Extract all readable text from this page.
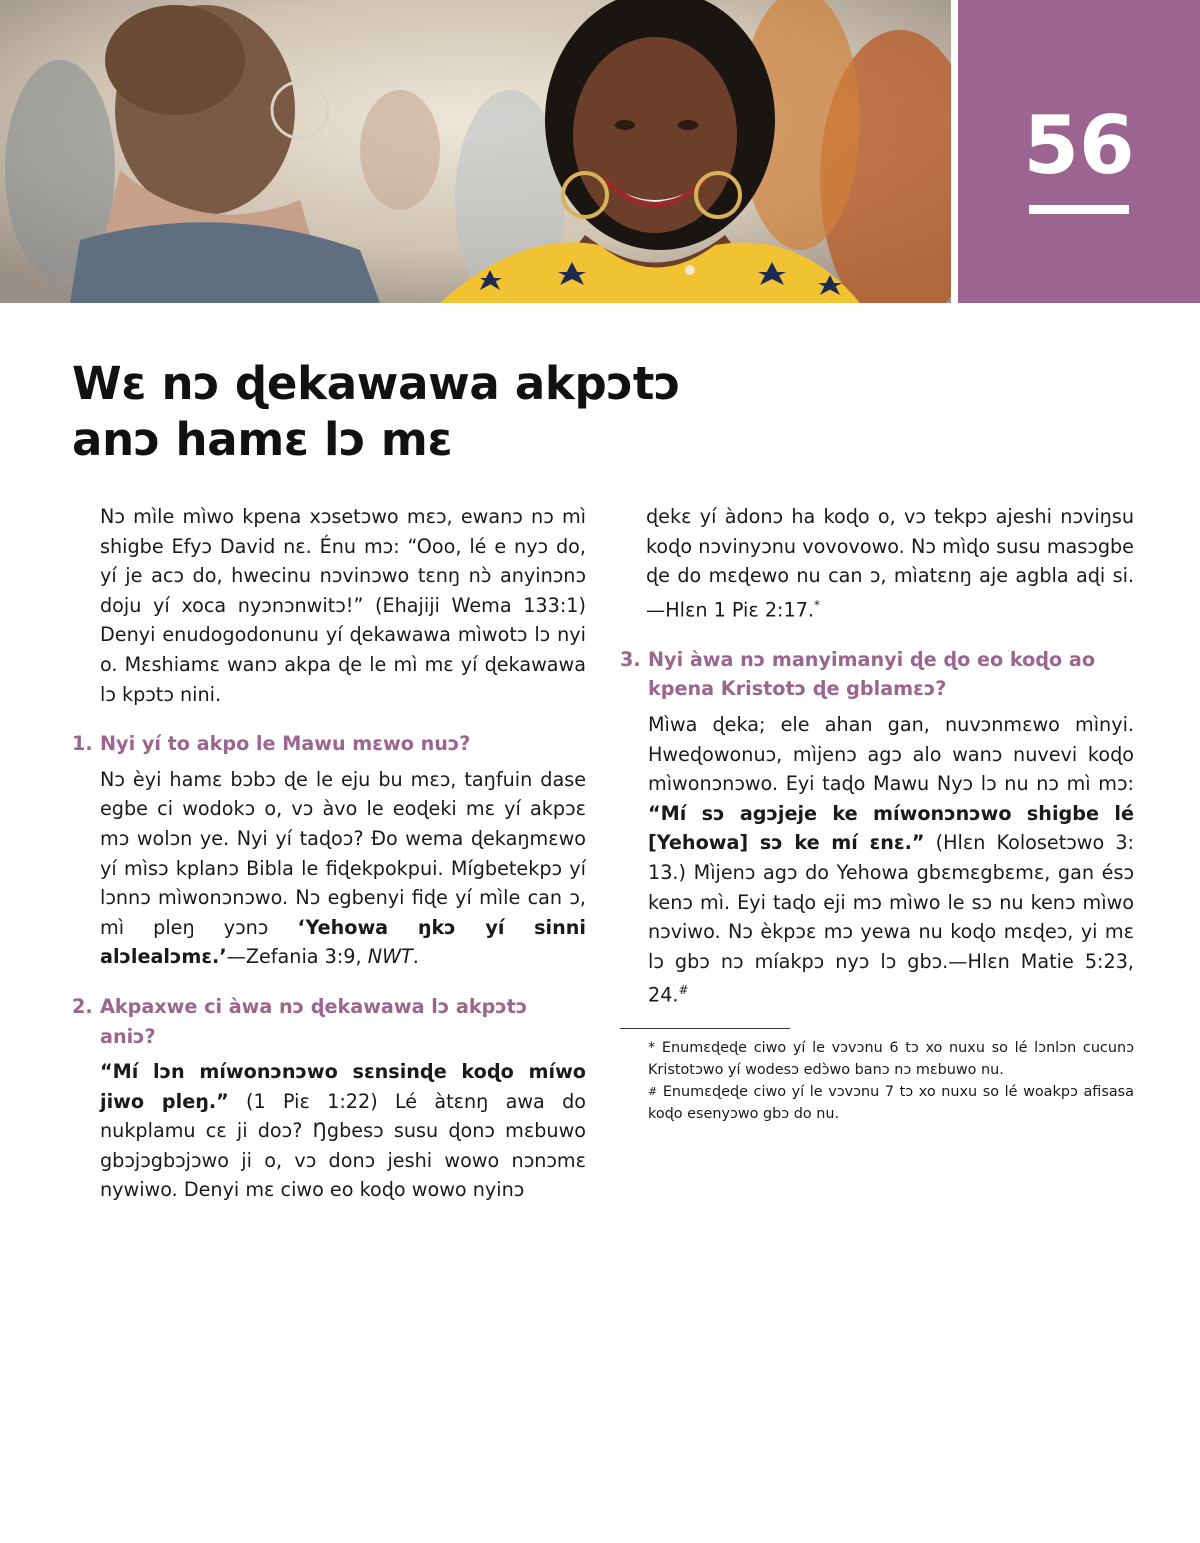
56
Wɛ nɔ ɖekawawa akpɔtɔ
anɔ hamɛ lɔ mɛ

Nɔ mìle mìwo kpena xɔsetɔwo mɛɔ, ewanɔ nɔ mì shigbe Efyɔ David nɛ. Énu mɔ: “Ooo, lé e nyɔ do, yí je acɔ do, hwecinu nɔvinɔwo tɛnŋ nɔ̀ anyinɔnɔ doju yí xoca nyɔnɔnwitɔ!” (Ehajiji Wema 133:1) Denyi enudogodonunu yí ɖekawawa mìwotɔ lɔ nyi o. Mɛshiamɛ wanɔ akpa ɖe le mì mɛ yí ɖekawawa lɔ kpɔtɔ nini.

1. Nyi yí to akpo le Mawu mɛwo nuɔ?

Nɔ èyi hamɛ bɔbɔ ɖe le eju bu mɛɔ, taŋfuin dase egbe ci wodokɔ o, vɔ àvo le eoɖeki mɛ yí akpɔɛ mɔ wolɔn ye. Nyi yí taɖoɔ? Ɖo wema ɖekaŋmɛwo yí mìsɔ kplanɔ Bibla le fiɖekpokpui. Mígbetekpɔ yí lɔnnɔ mìwonɔnɔwo. Nɔ egbenyi fiɖe yí mìle can ɔ, mì pleŋ yɔnɔ ‘Yehowa ŋkɔ yí sinni alɔlealɔmɛ.’—Zefania 3:9, NWT.

2. Akpaxwe ci àwa nɔ ɖekawawa lɔ akpɔtɔ aniɔ?

“Mí lɔn míwonɔnɔwo sɛnsinɖe koɖo míwo jiwo pleŋ.” (1 Piɛ 1:22) Lé àtɛnŋ awa do nukplamu cɛ ji doɔ? Ŋgbesɔ susu ɖonɔ mɛbuwo gbɔjɔgbɔjɔwo ji o, vɔ donɔ jeshi wowo nɔnɔmɛ nywiwo. Denyi mɛ ciwo eo koɖo wowo nyinɔ

ɖekɛ yí àdonɔ ha koɖo o, vɔ tekpɔ ajeshi nɔviŋsu koɖo nɔvinyɔnu vovovowo. Nɔ mìɖo susu masɔgbe ɖe do mɛɖewo nu can ɔ, mìatɛnŋ aje agbla aɖi si.—Hlɛn 1 Piɛ 2:17.*

3. Nyi àwa nɔ manyimanyi ɖe ɖo eo koɖo ao kpena Kristotɔ ɖe gblamɛɔ?

Mìwa ɖeka; ele ahan gan, nuvɔnmɛwo mìnyi. Hweɖowonuɔ, mìjenɔ agɔ alo wanɔ nuvevi koɖo mìwonɔnɔwo. Eyi taɖo Mawu Nyɔ lɔ nu nɔ mì mɔ: “Mí sɔ agɔjeje ke míwonɔnɔwo shigbe lé [Yehowa] sɔ ke mí ɛnɛ.” (Hlɛn Kolosetɔwo 3: 13.) Mìjenɔ agɔ do Yehowa gbɛmɛgbɛmɛ, gan ésɔ kenɔ mì. Eyi taɖo eji mɔ mìwo le sɔ nu kenɔ mìwo nɔviwo. Nɔ èkpɔɛ mɔ yewa nu koɖo mɛɖeɔ, yi mɛ lɔ gbɔ nɔ míakpɔ nyɔ lɔ gbɔ.—Hlɛn Matie 5:23, 24.#

* Enumɛɖeɖe ciwo yí le vɔvɔnu 6 tɔ xo nuxu so lé lɔnlɔn cucunɔ Kristotɔwo yí wodesɔ edɔ̀wo banɔ nɔ mɛbuwo nu.

# Enumɛɖeɖe ciwo yí le vɔvɔnu 7 tɔ xo nuxu so lé woakpɔ afisasa koɖo esenyɔwo gbɔ do nu.
